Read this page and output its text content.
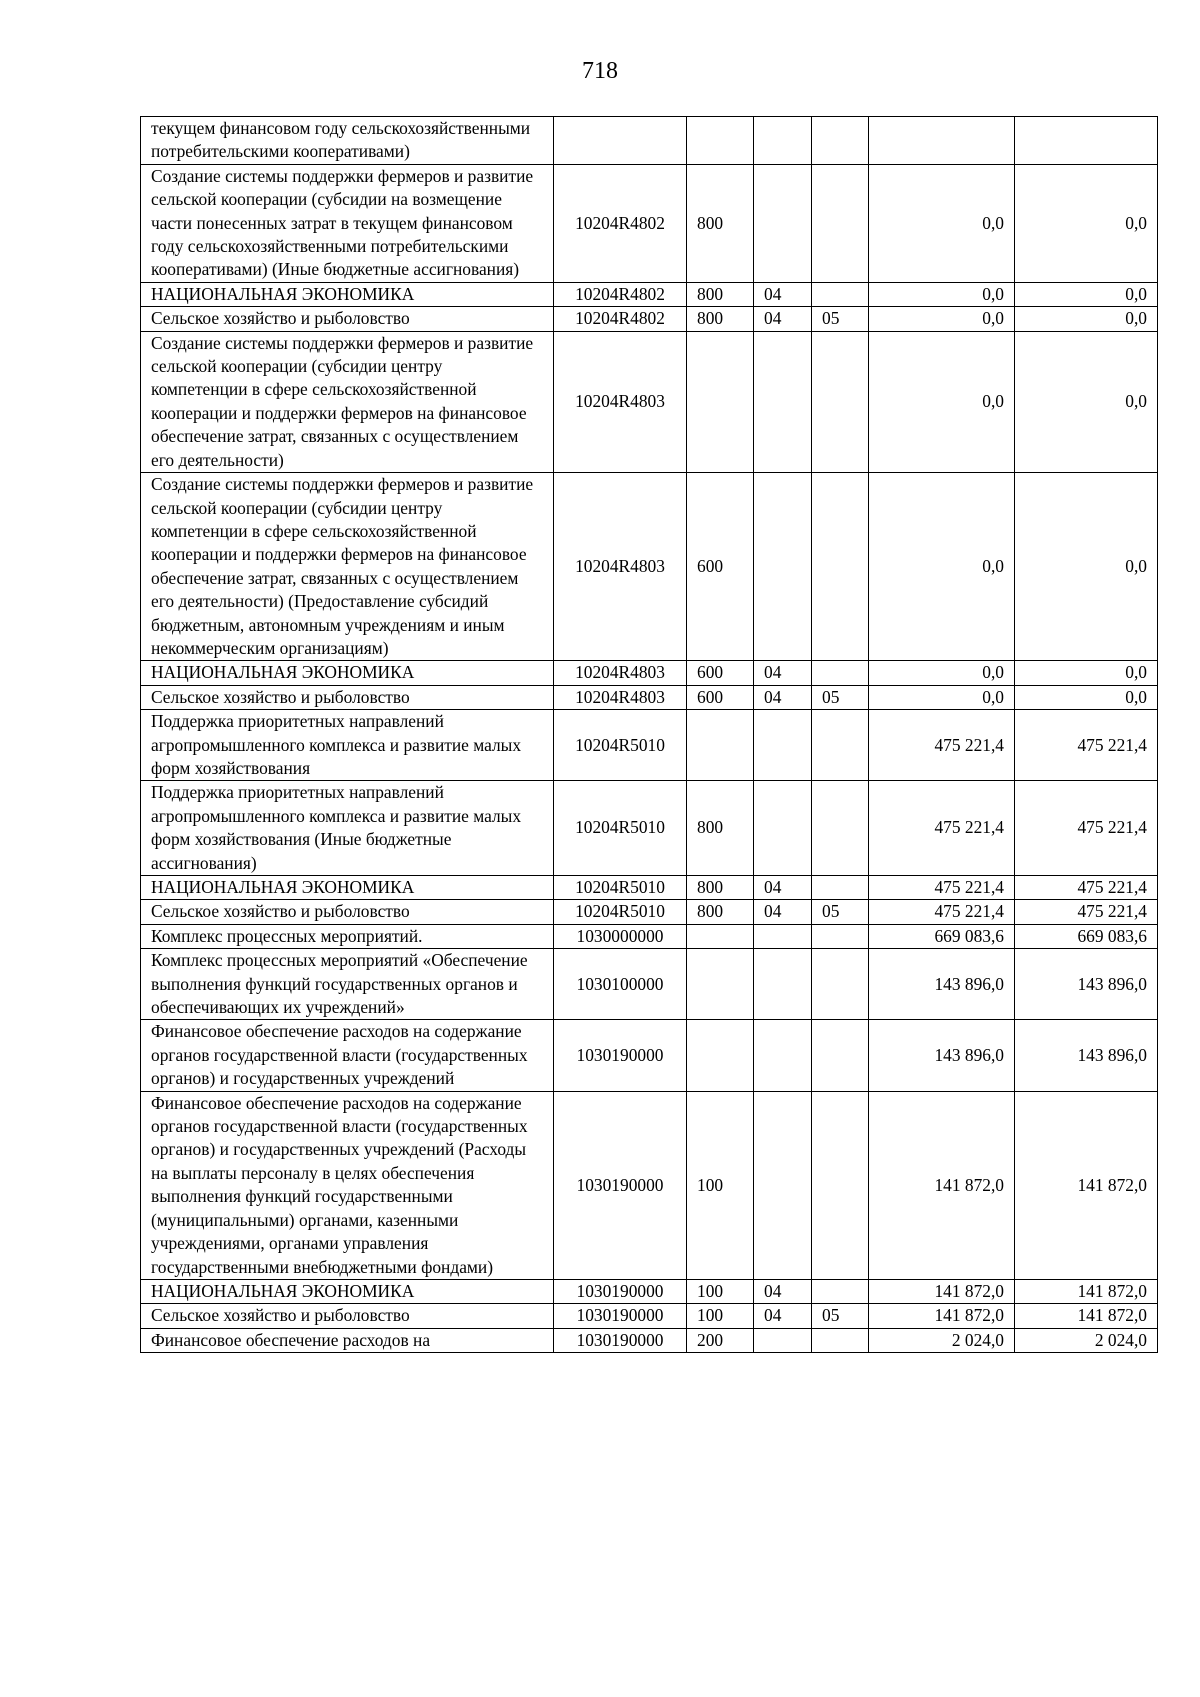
718
текущем финансовом году сельскохозяйственными потребительскими кооперативами)						
Создание системы поддержки фермеров и развитие сельской кооперации (субсидии на возмещение части понесенных затрат в текущем финансовом году сельскохозяйственными потребительскими кооперативами) (Иные бюджетные ассигнования)	10204R4802	800			0,0	0,0
НАЦИОНАЛЬНАЯ ЭКОНОМИКА	10204R4802	800	04		0,0	0,0
Сельское хозяйство и рыболовство	10204R4802	800	04	05	0,0	0,0
Создание системы поддержки фермеров и развитие сельской кооперации (субсидии центру компетенции в сфере сельскохозяйственной кооперации и поддержки фермеров на финансовое обеспечение затрат, связанных с осуществлением его деятельности)	10204R4803				0,0	0,0
Создание системы поддержки фермеров и развитие сельской кооперации (субсидии центру компетенции в сфере сельскохозяйственной кооперации и поддержки фермеров на финансовое обеспечение затрат, связанных с осуществлением его деятельности) (Предоставление субсидий бюджетным, автономным учреждениям и иным некоммерческим организациям)	10204R4803	600			0,0	0,0
НАЦИОНАЛЬНАЯ ЭКОНОМИКА	10204R4803	600	04		0,0	0,0
Сельское хозяйство и рыболовство	10204R4803	600	04	05	0,0	0,0
Поддержка приоритетных направлений агропромышленного комплекса и развитие малых форм хозяйствования	10204R5010				475 221,4	475 221,4
Поддержка приоритетных направлений агропромышленного комплекса и развитие малых форм хозяйствования (Иные бюджетные ассигнования)	10204R5010	800			475 221,4	475 221,4
НАЦИОНАЛЬНАЯ ЭКОНОМИКА	10204R5010	800	04		475 221,4	475 221,4
Сельское хозяйство и рыболовство	10204R5010	800	04	05	475 221,4	475 221,4
Комплекс процессных мероприятий.	1030000000				669 083,6	669 083,6
Комплекс процессных мероприятий «Обеспечение выполнения функций государственных органов и обеспечивающих их учреждений»	1030100000				143 896,0	143 896,0
Финансовое обеспечение расходов на содержание органов государственной власти (государственных органов) и государственных учреждений	1030190000				143 896,0	143 896,0
Финансовое обеспечение расходов на содержание органов государственной власти (государственных органов) и государственных учреждений (Расходы на выплаты персоналу в целях обеспечения выполнения функций государственными (муниципальными) органами, казенными учреждениями, органами управления государственными внебюджетными фондами)	1030190000	100			141 872,0	141 872,0
НАЦИОНАЛЬНАЯ ЭКОНОМИКА	1030190000	100	04		141 872,0	141 872,0
Сельское хозяйство и рыболовство	1030190000	100	04	05	141 872,0	141 872,0
Финансовое обеспечение расходов на	1030190000	200			2 024,0	2 024,0
